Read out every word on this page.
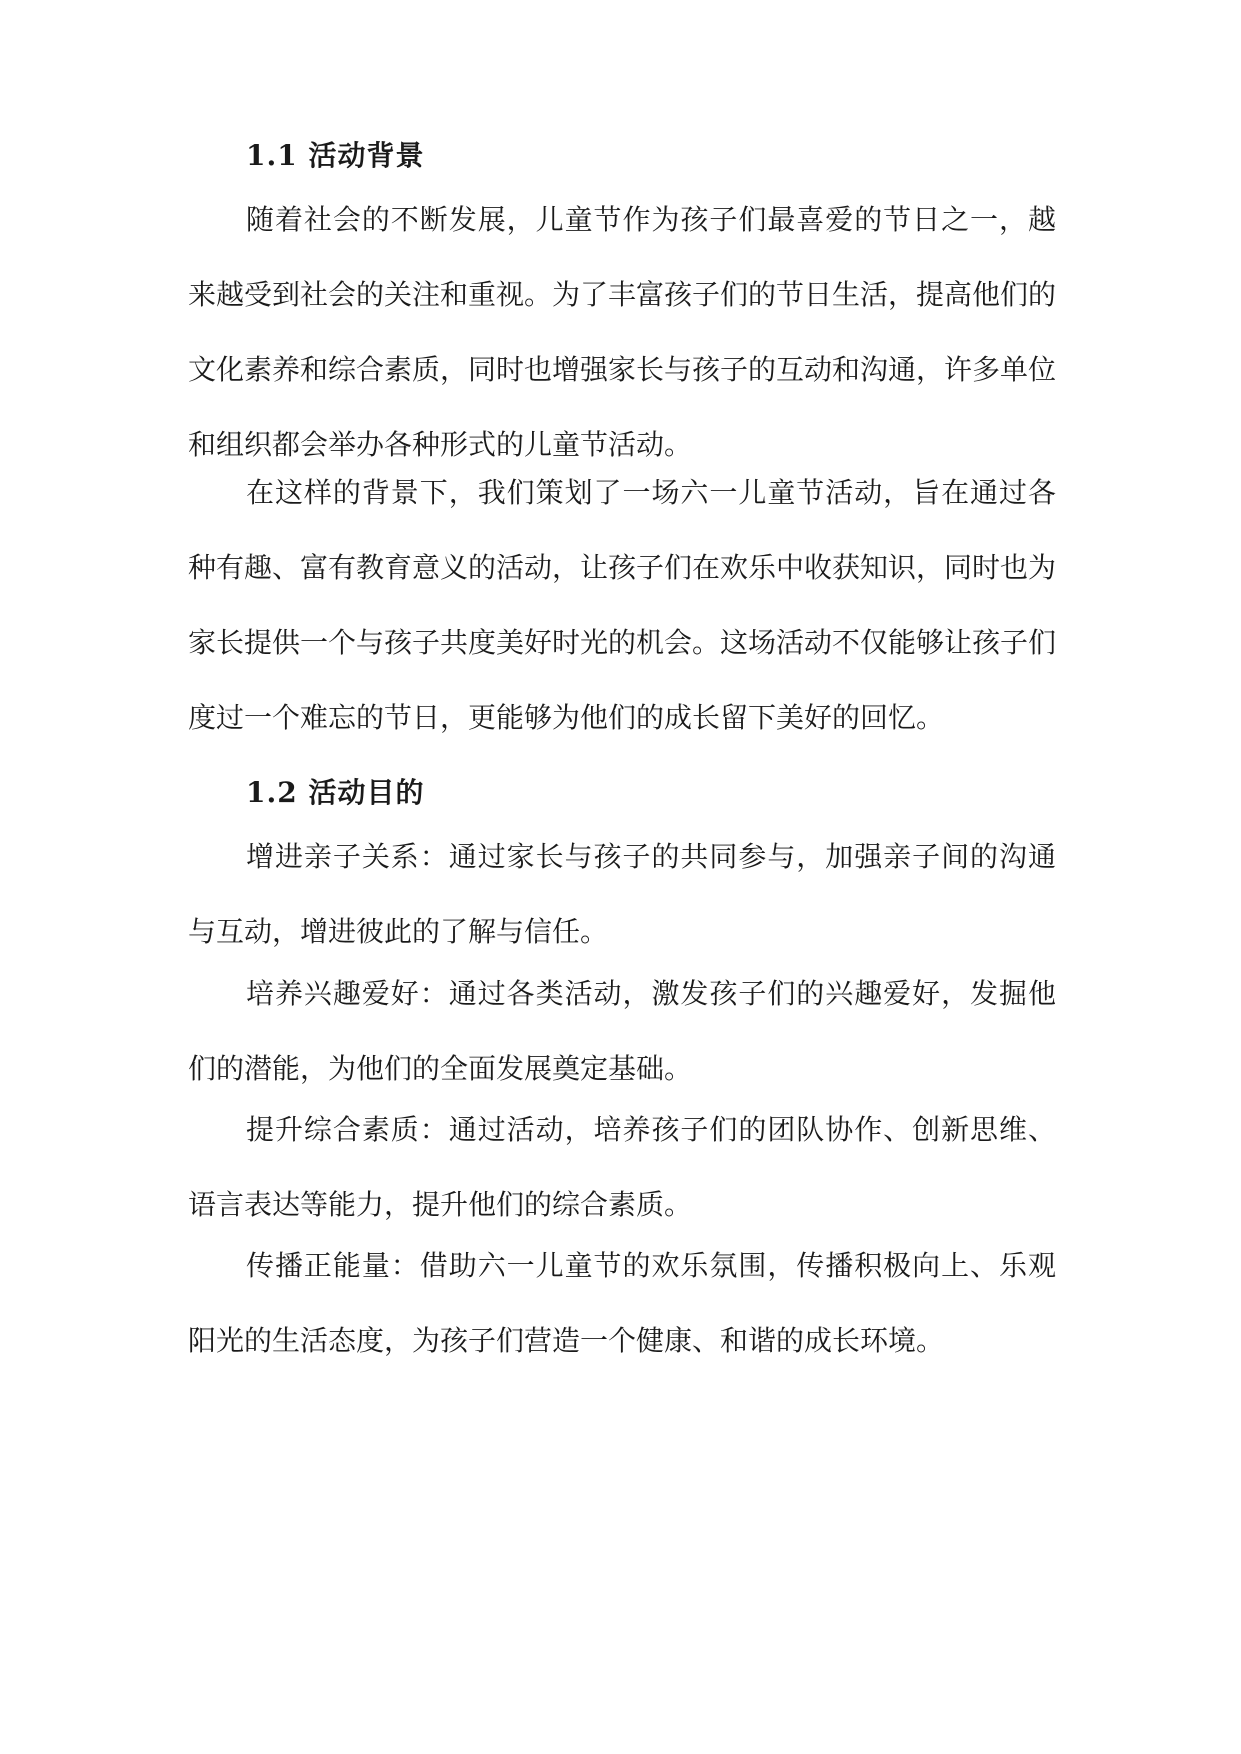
1.1 活动背景

随着社会的不断发展，儿童节作为孩子们最喜爱的节日之一，越来越受到社会的关注和重视。为了丰富孩子们的节日生活，提高他们的文化素养和综合素质，同时也增强家长与孩子的互动和沟通，许多单位和组织都会举办各种形式的儿童节活动。

在这样的背景下，我们策划了一场六一儿童节活动，旨在通过各种有趣、富有教育意义的活动，让孩子们在欢乐中收获知识，同时也为家长提供一个与孩子共度美好时光的机会。这场活动不仅能够让孩子们度过一个难忘的节日，更能够为他们的成长留下美好的回忆。

1.2 活动目的

增进亲子关系：通过家长与孩子的共同参与，加强亲子间的沟通与互动，增进彼此的了解与信任。

培养兴趣爱好：通过各类活动，激发孩子们的兴趣爱好，发掘他们的潜能，为他们的全面发展奠定基础。

提升综合素质：通过活动，培养孩子们的团队协作、创新思维、语言表达等能力，提升他们的综合素质。

传播正能量：借助六一儿童节的欢乐氛围，传播积极向上、乐观阳光的生活态度，为孩子们营造一个健康、和谐的成长环境。
